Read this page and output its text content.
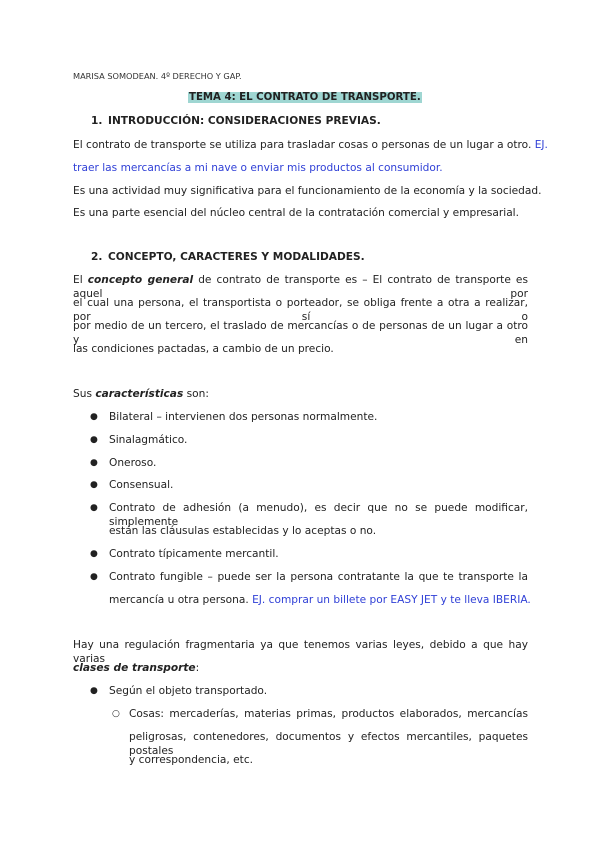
MARISA SOMODEAN. 4º DERECHO Y GAP.
TEMA 4: EL CONTRATO DE TRANSPORTE.
1. INTRODUCCIÓN: CONSIDERACIONES PREVIAS.
El contrato de transporte se utiliza para trasladar cosas o personas de un lugar a otro. EJ.
traer las mercancías a mi nave o enviar mis productos al consumidor.
Es una actividad muy significativa para el funcionamiento de la economía y la sociedad.
Es una parte esencial del núcleo central de la contratación comercial y empresarial.
2. CONCEPTO, CARACTERES Y MODALIDADES.
El concepto general de contrato de transporte es – El contrato de transporte es aquel por
el cual una persona, el transportista o porteador, se obliga frente a otra a realizar, por sí o
por medio de un tercero, el traslado de mercancías o de personas de un lugar a otro y en
las condiciones pactadas, a cambio de un precio.
Sus características son:
● Bilateral – intervienen dos personas normalmente.
● Sinalagmático.
● Oneroso.
● Consensual.
● Contrato de adhesión (a menudo), es decir que no se puede modificar, simplemente
están las cláusulas establecidas y lo aceptas o no.
● Contrato típicamente mercantil.
● Contrato fungible – puede ser la persona contratante la que te transporte la
mercancía u otra persona. EJ. comprar un billete por EASY JET y te lleva IBERIA.
Hay una regulación fragmentaria ya que tenemos varias leyes, debido a que hay varias
clases de transporte:
● Según el objeto transportado.
○ Cosas: mercaderías, materias primas, productos elaborados, mercancías
peligrosas, contenedores, documentos y efectos mercantiles, paquetes postales
y correspondencia, etc.
